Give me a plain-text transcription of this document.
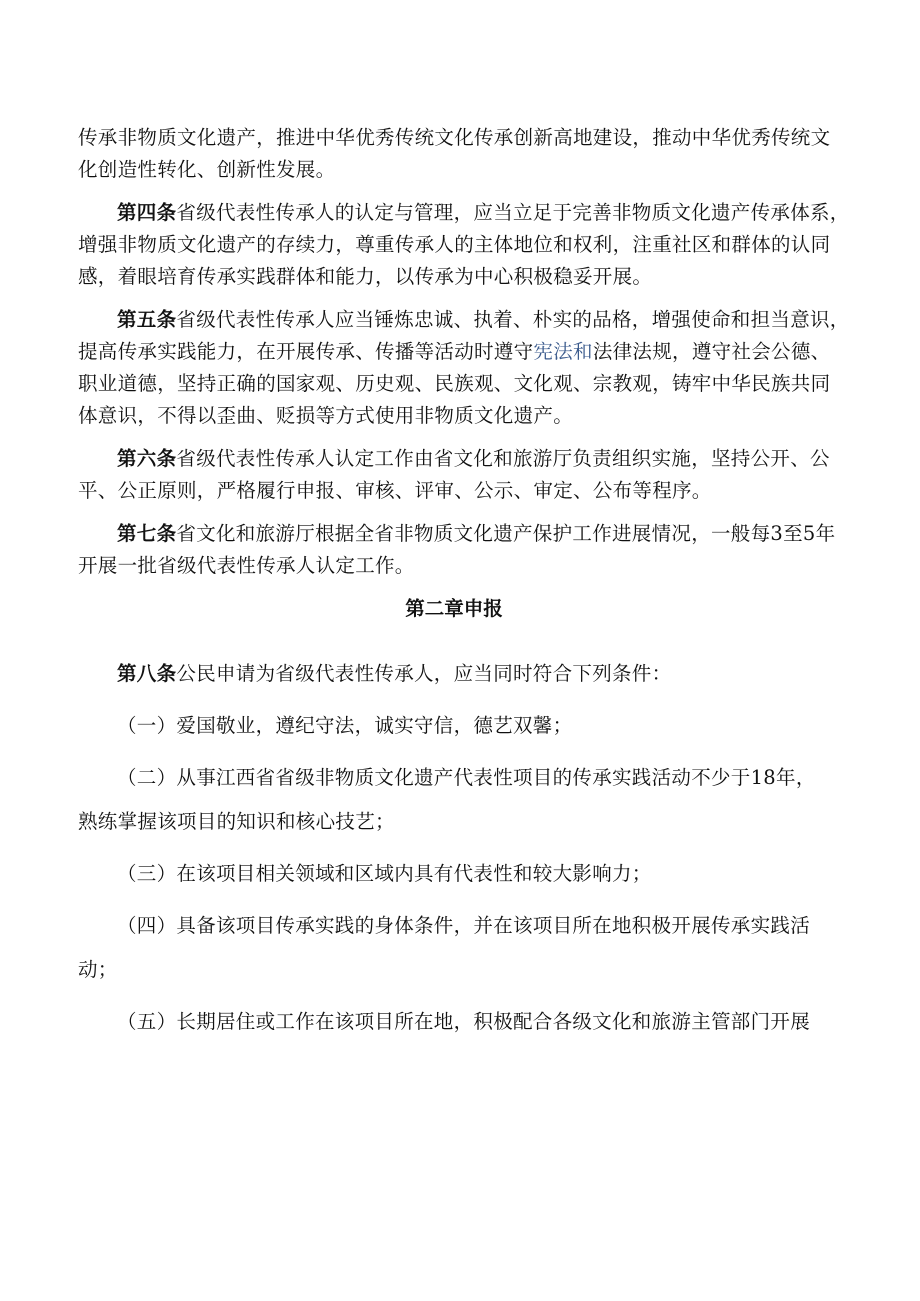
传承非物质文化遗产，推进中华优秀传统文化传承创新高地建设，推动中华优秀传统文
化创造性转化、创新性发展。
第四条省级代表性传承人的认定与管理，应当立足于完善非物质文化遗产传承体系，
增强非物质文化遗产的存续力，尊重传承人的主体地位和权利，注重社区和群体的认同
感，着眼培育传承实践群体和能力，以传承为中心积极稳妥开展。
第五条省级代表性传承人应当锤炼忠诚、执着、朴实的品格，增强使命和担当意识，
提高传承实践能力，在开展传承、传播等活动时遵守宪法和法律法规，遵守社会公德、
职业道德，坚持正确的国家观、历史观、民族观、文化观、宗教观，铸牢中华民族共同
体意识，不得以歪曲、贬损等方式使用非物质文化遗产。
第六条省级代表性传承人认定工作由省文化和旅游厅负责组织实施，坚持公开、公
平、公正原则，严格履行申报、审核、评审、公示、审定、公布等程序。
第七条省文化和旅游厅根据全省非物质文化遗产保护工作进展情况，一般每3至5年
开展一批省级代表性传承人认定工作。
第二章申报
第八条公民申请为省级代表性传承人，应当同时符合下列条件：
（一）爱国敬业，遵纪守法，诚实守信，德艺双馨；
（二）从事江西省省级非物质文化遗产代表性项目的传承实践活动不少于18年，
熟练掌握该项目的知识和核心技艺；
（三）在该项目相关领域和区域内具有代表性和较大影响力；
（四）具备该项目传承实践的身体条件，并在该项目所在地积极开展传承实践活
动；
（五）长期居住或工作在该项目所在地，积极配合各级文化和旅游主管部门开展
